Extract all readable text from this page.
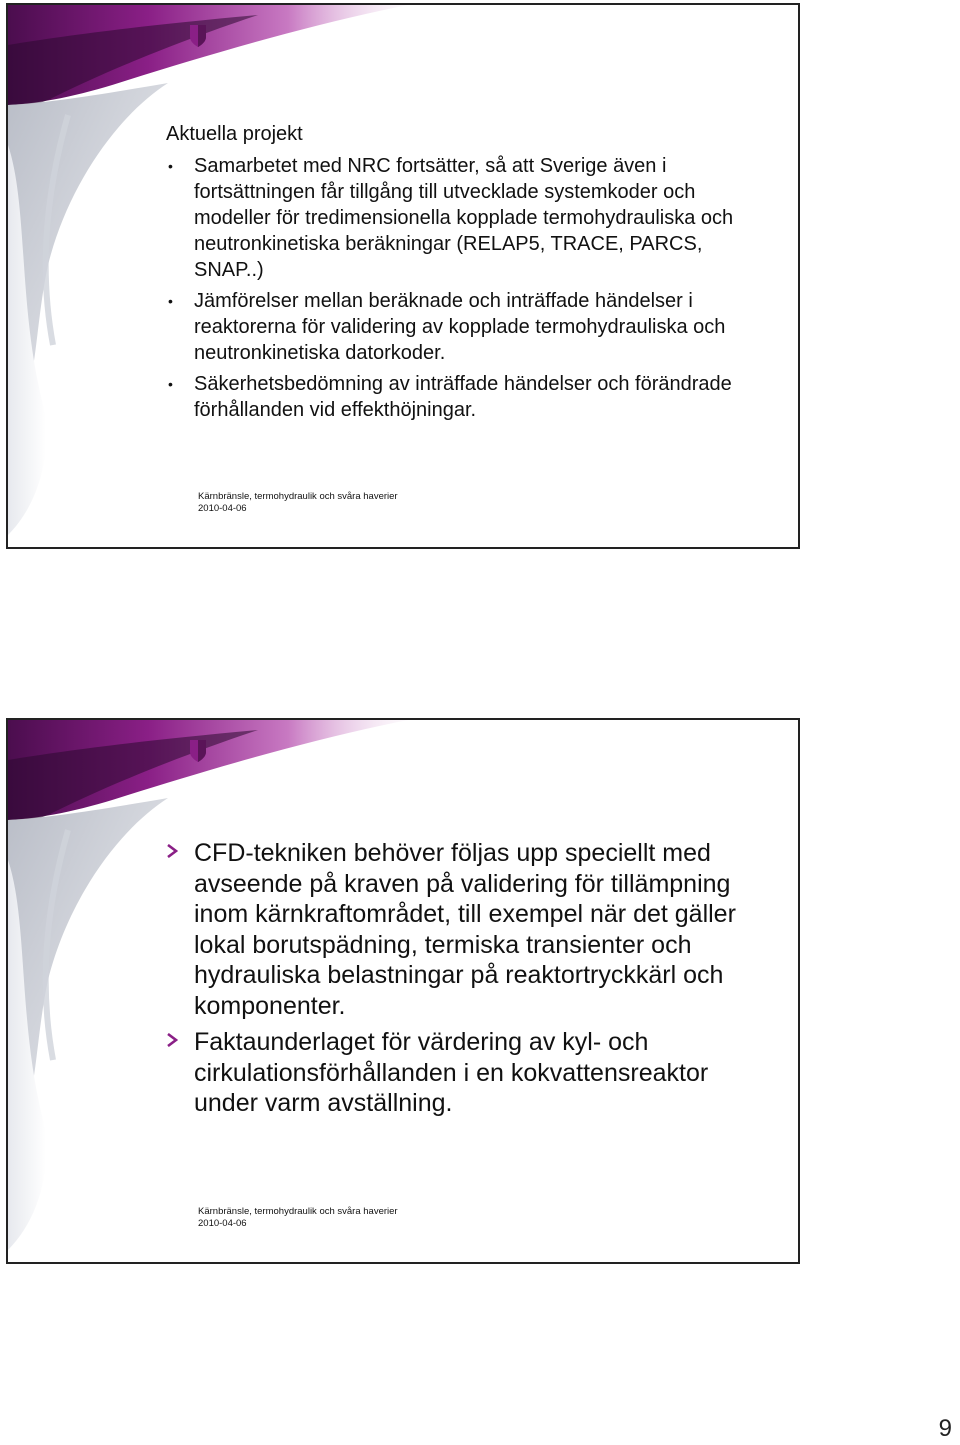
Aktuella projekt
• Samarbetet med NRC fortsätter, så att Sverige även i fortsättningen får tillgång till utvecklade systemkoder och modeller för tredimensionella kopplade termohydrauliska och neutronkinetiska beräkningar (RELAP5, TRACE, PARCS, SNAP..)
• Jämförelser mellan beräknade och inträffade händelser i reaktorerna för validering av kopplade termohydrauliska och neutronkinetiska datorkoder.
• Säkerhetsbedömning av inträffade händelser och förändrade förhållanden vid effekthöjningar.
Kärnbränsle, termohydraulik och svåra haverier
2010-04-06
CFD-tekniken behöver följas upp speciellt med avseende på kraven på validering för tillämpning inom kärnkraftområdet, till exempel när det gäller lokal borutspädning, termiska transienter och hydrauliska belastningar på reaktortryckkärl och komponenter.
Faktaunderlaget för värdering av kyl- och cirkulationsförhållanden i en kokvattensreaktor under varm avställning.
Kärnbränsle, termohydraulik och svåra haverier
2010-04-06
9
